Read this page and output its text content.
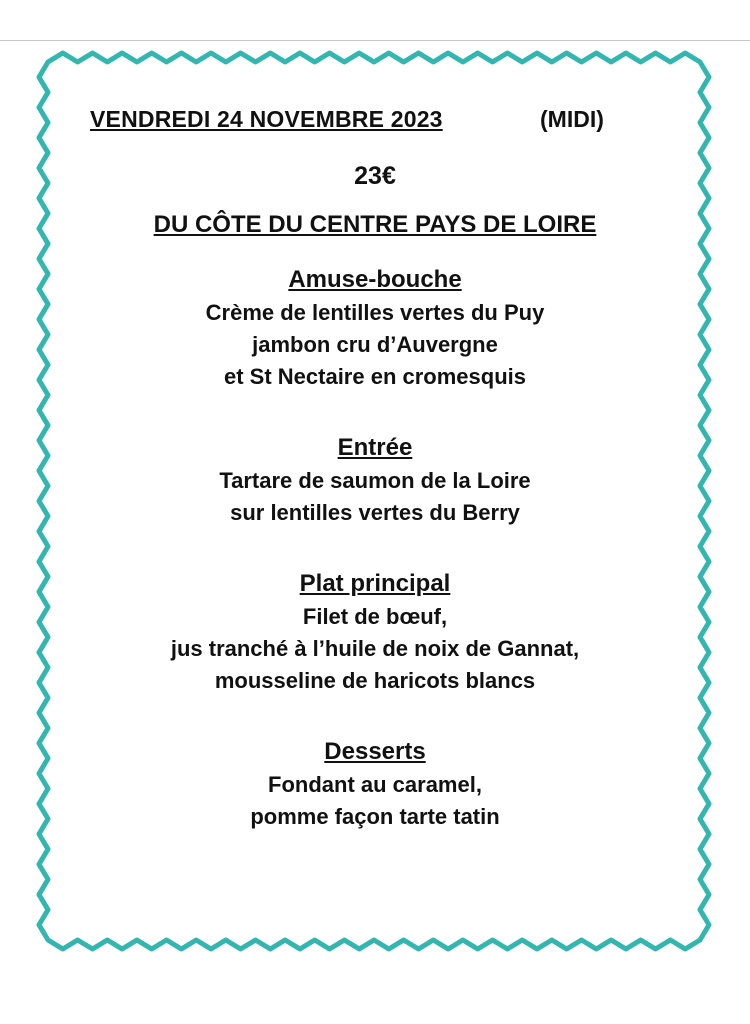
VENDREDI 24 NOVEMBRE 2023	(MIDI)
23€
DU CÔTE DU CENTRE PAYS DE LOIRE
Amuse-bouche
Crème de lentilles vertes du Puy
jambon cru d’Auvergne
et St Nectaire en cromesquis
Entrée
Tartare de saumon de la Loire
sur lentilles vertes du Berry
Plat principal
Filet de bœuf,
jus tranché à l’huile de noix de Gannat,
mousseline de haricots blancs
Desserts
Fondant au caramel,
pomme façon tarte tatin
